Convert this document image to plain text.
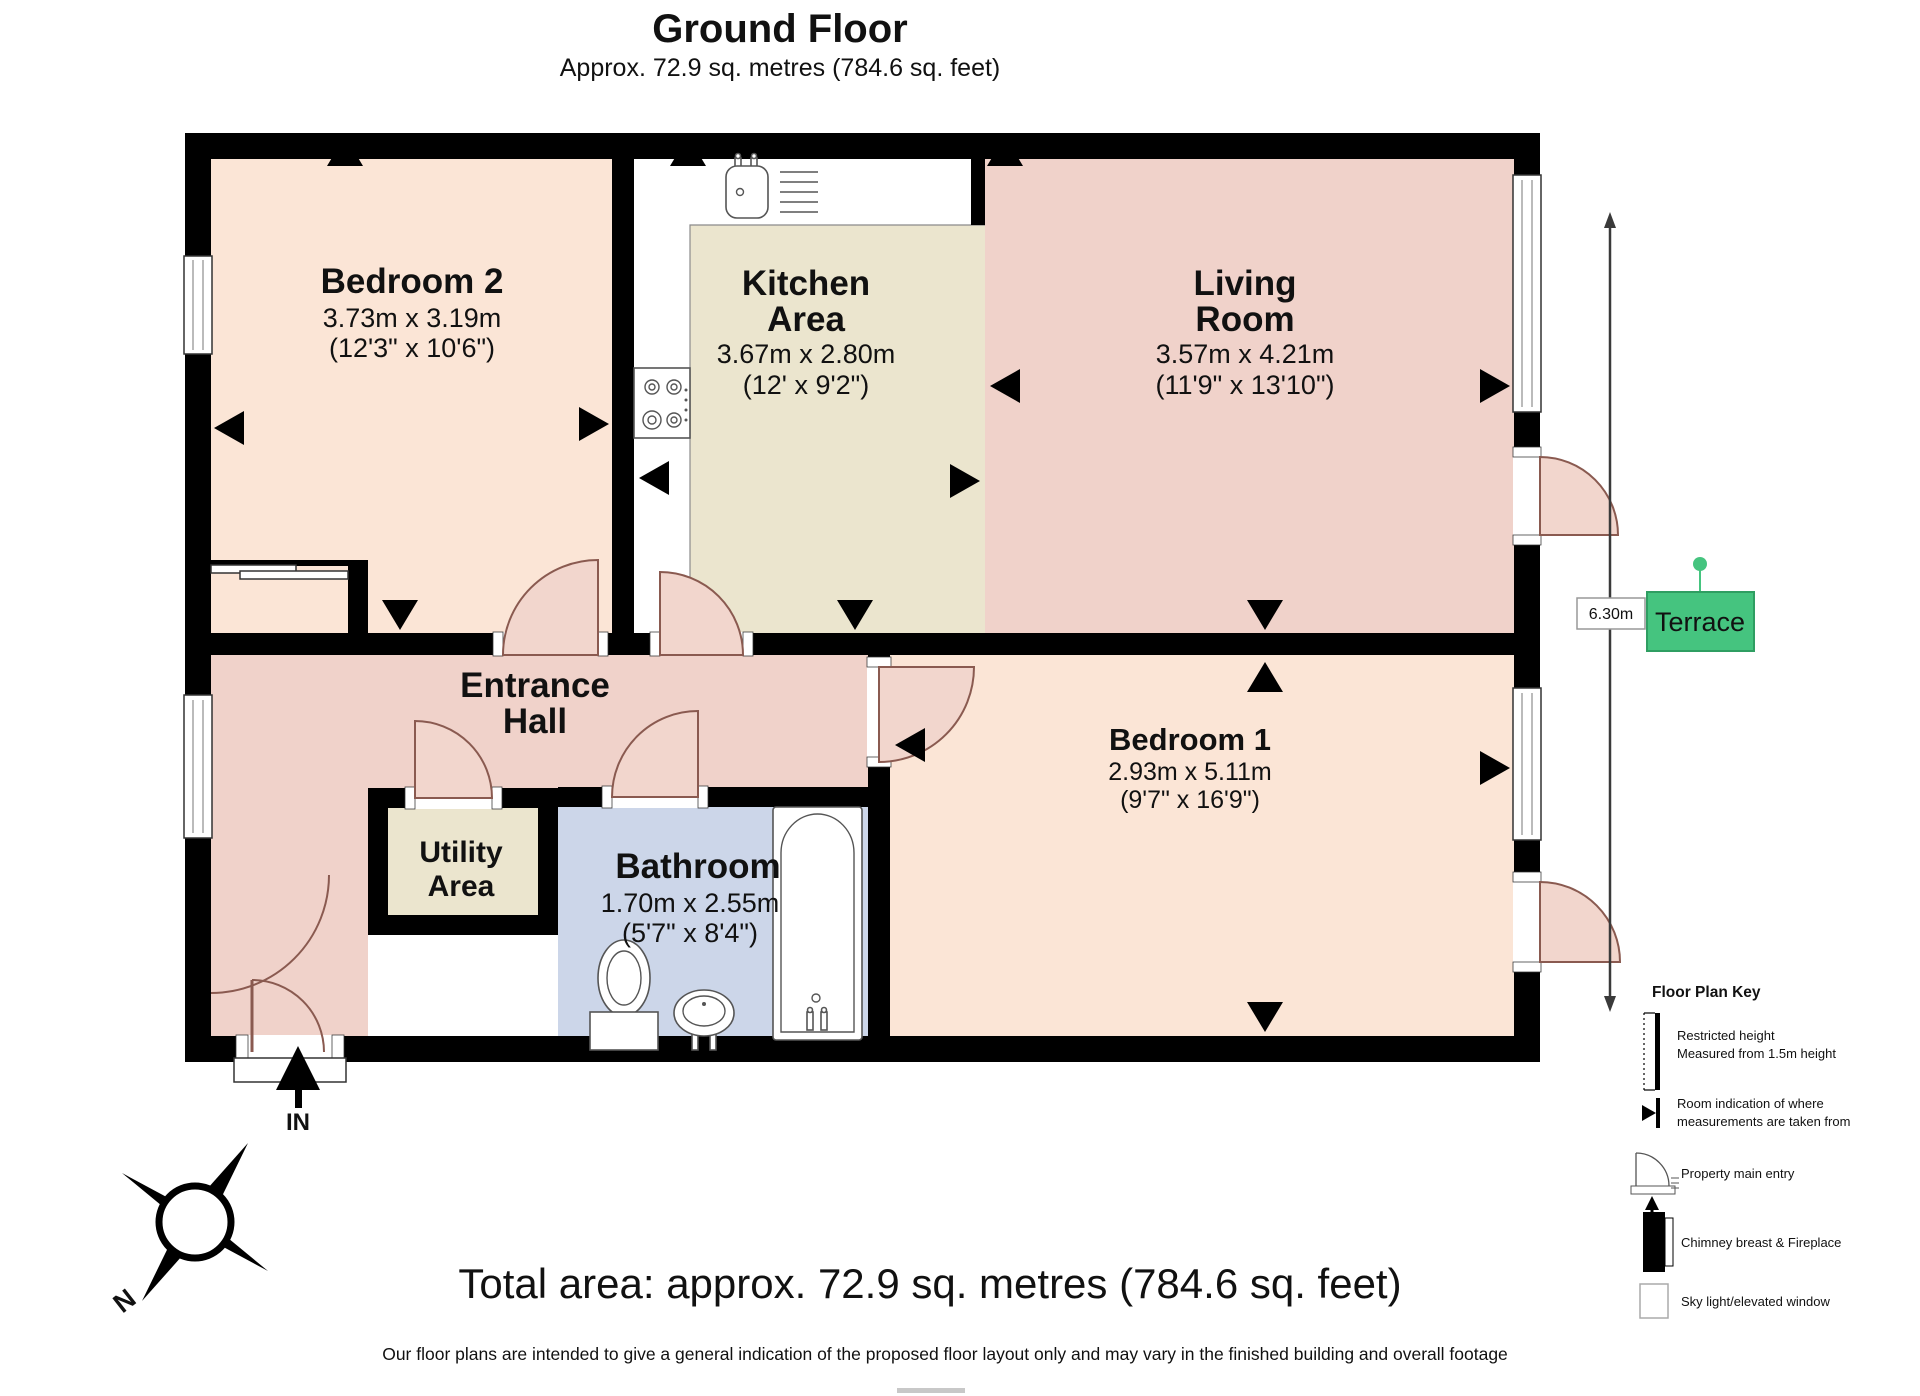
Ground Floor
Approx. 72.9 sq. metres (784.6 sq. feet)
IN
Bedroom 2
3.73m x 3.19m
(12'3" x 10'6")
Kitchen
Area
3.67m x 2.80m
(12' x 9'2")
Living
Room
3.57m x 4.21m
(11'9" x 13'10")
Entrance
Hall
Utility
Area
Bathroom
1.70m x 2.55m
(5'7" x 8'4")
Bedroom 1
2.93m x 5.11m
(9'7" x 16'9")
6.30m Terrace
Floor Plan Key
Restricted height
Measured from 1.5m height
Room indication of where
measurements are taken from
Property main entry
Chimney breast & Fireplace
Sky light/elevated window
N	Total area: approx. 72.9 sq. metres (784.6 sq. feet)
Our floor plans are intended to give a general indication of the proposed floor layout only and may vary in the finished building and overall footage
